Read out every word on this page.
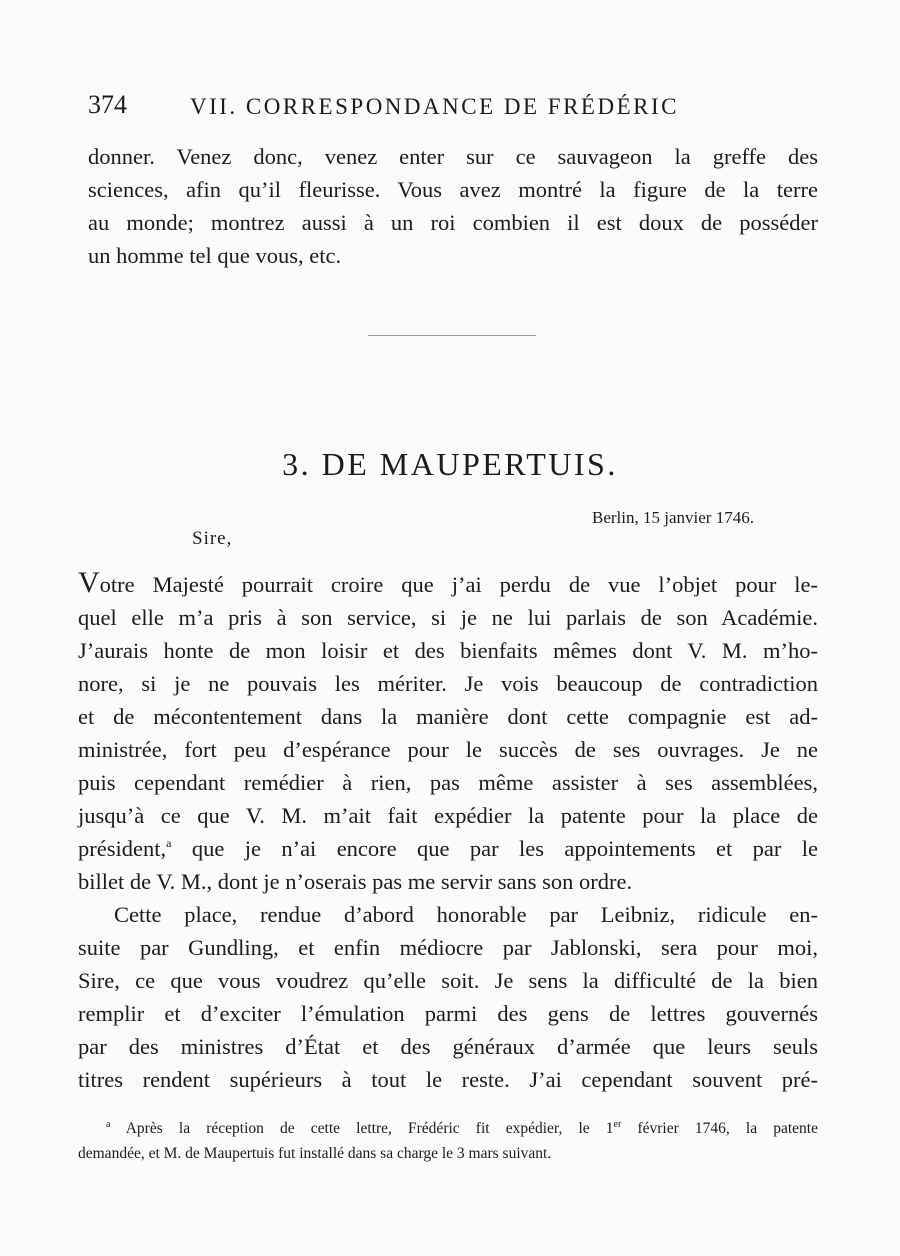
374	VII. CORRESPONDANCE DE FRÉDÉRIC
donner. Venez donc, venez enter sur ce sauvageon la greffe des
sciences, afin qu’il fleurisse. Vous avez montré la figure de la terre
au monde; montrez aussi à un roi combien il est doux de posséder
un homme tel que vous, etc.
3. DE MAUPERTUIS.
Berlin, 15 janvier 1746.
Sire,
Votre Majesté pourrait croire que j’ai perdu de vue l’objet pour le-
quel elle m’a pris à son service, si je ne lui parlais de son Académie.
J’aurais honte de mon loisir et des bienfaits mêmes dont V. M. m’ho-
nore, si je ne pouvais les mériter. Je vois beaucoup de contradiction
et de mécontentement dans la manière dont cette compagnie est ad-
ministrée, fort peu d’espérance pour le succès de ses ouvrages. Je ne
puis cependant remédier à rien, pas même assister à ses assemblées,
jusqu’à ce que V. M. m’ait fait expédier la patente pour la place de
président,$^a$ que je n’ai encore que par les appointements et par le
billet de V. M., dont je n’oserais pas me servir sans son ordre.
Cette place, rendue d’abord honorable par Leibniz, ridicule en-
suite par Gundling, et enfin médiocre par Jablonski, sera pour moi,
Sire, ce que vous voudrez qu’elle soit. Je sens la difficulté de la bien
remplir et d’exciter l’émulation parmi des gens de lettres gouvernés
par des ministres d’État et des généraux d’armée que leurs seuls
titres rendent supérieurs à tout le reste. J’ai cependant souvent pré-
$^a$ Après la réception de cette lettre, Frédéric fit expédier, le 1er février 1746, la patente
demandée, et M. de Maupertuis fut installé dans sa charge le 3 mars suivant.
